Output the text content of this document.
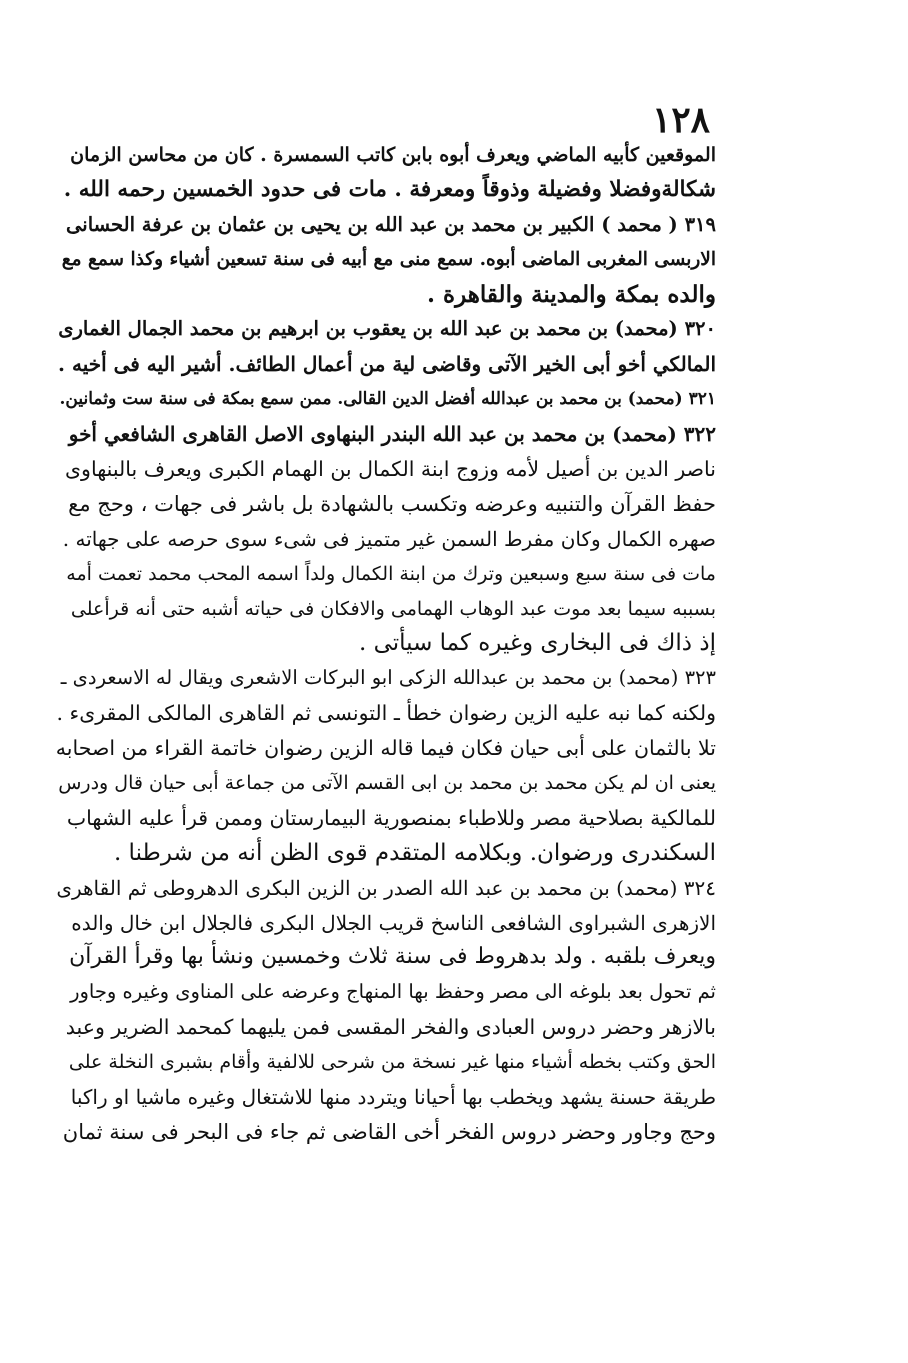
١٢٨
الموقعين كأبيه الماضي ويعرف أبوه بابن كاتب السمسرة . كان من محاسن الزمان
شكالةوفضلا وفضيلة وذوقاً ومعرفة . مات فى حدود الخمسين رحمه الله .
٣١٩ ( محمد ) الكبير بن محمد بن عبد الله بن يحيى بن عثمان بن عرفة الحسانى
الاربسى المغربى الماضى أبوه. سمع منى مع أبيه فى سنة تسعين أشياء وكذا سمع مع
والده بمكة والمدينة والقاهرة .
٣٢٠ (محمد) بن محمد بن عبد الله بن يعقوب بن ابرهيم بن محمد الجمال الغمارى
المالكي أخو أبى الخير الآتى وقاضى لية من أعمال الطائف. أشير اليه فى أخيه .
٣٢١ (محمد) بن محمد بن عبدالله أفضل الدين القالى. ممن سمع بمكة فى سنة ست وثمانين.
٣٢٢ (محمد) بن محمد بن عبد الله البندر البنهاوى الاصل القاهرى الشافعي أخو
ناصر الدين بن أصيل لأمه وزوج ابنة الكمال بن الهمام الكبرى ويعرف بالبنهاوى
حفظ القرآن والتنبيه وعرضه وتكسب بالشهادة بل باشر فى جهات ، وحج مع
صهره الكمال وكان مفرط السمن غير متميز فى شىء سوى حرصه على جهاته .
مات فى سنة سبع وسبعين وترك من ابنة الكمال ولداً اسمه المحب محمد تعمت أمه
بسببه سيما بعد موت عبد الوهاب الهمامى والافكان فى حياته أشبه حتى أنه قرأعلى
إذ ذاك فى البخارى وغيره كما سيأتى .
٣٢٣ (محمد) بن محمد بن عبدالله الزكى ابو البركات الاشعرى ويقال له الاسعردى ـ
ولكنه كما نبه عليه الزين رضوان خطأ ـ التونسى ثم القاهرى المالكى المقرىء .
تلا بالثمان على أبى حيان فكان فيما قاله الزين رضوان خاتمة القراء من اصحابه
يعنى ان لم يكن محمد بن محمد بن ابى القسم الآتى من جماعة أبى حيان قال ودرس
للمالكية بصلاحية مصر وللاطباء بمنصورية البيمارستان وممن قرأ عليه الشهاب
السكندرى ورضوان. وبكلامه المتقدم قوى الظن أنه من شرطنا .
٣٢٤ (محمد) بن محمد بن عبد الله الصدر بن الزين البكرى الدهروطى ثم القاهرى
الازهرى الشبراوى الشافعى الناسخ قريب الجلال البكرى فالجلال ابن خال والده
ويعرف بلقبه . ولد بدهروط فى سنة ثلاث وخمسين ونشأ بها وقرأ القرآن
ثم تحول بعد بلوغه الى مصر وحفظ بها المنهاج وعرضه على المناوى وغيره وجاور
بالازهر وحضر دروس العبادى والفخر المقسى فمن يليهما كمحمد الضرير وعبد
الحق وكتب بخطه أشياء منها غير نسخة من شرحى للالفية وأقام بشبرى النخلة على
طريقة حسنة يشهد ويخطب بها أحيانا ويتردد منها للاشتغال وغيره ماشيا او راكبا
وحج وجاور وحضر دروس الفخر أخى القاضى ثم جاء فى البحر فى سنة ثمان
